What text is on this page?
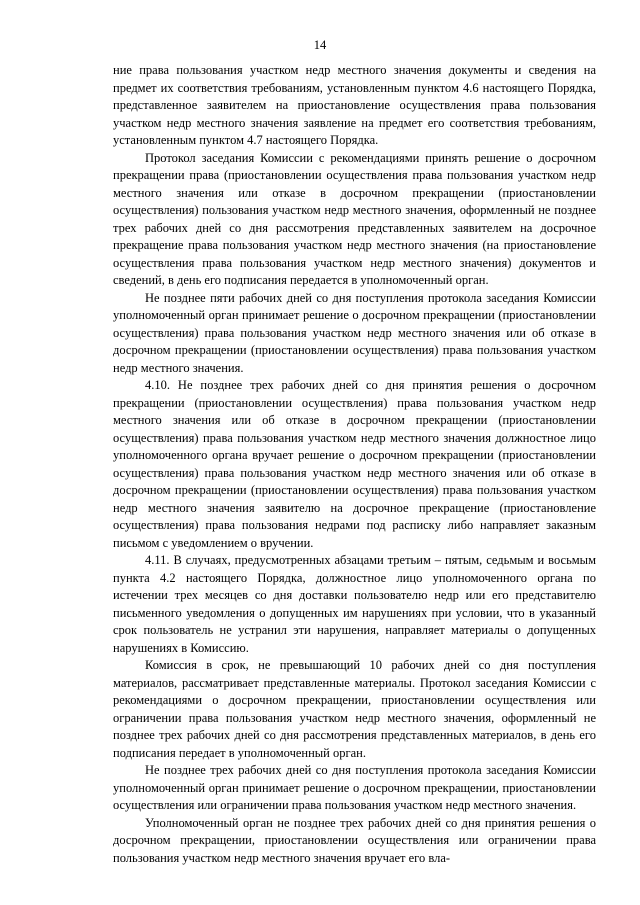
14

ние права пользования участком недр местного значения документы и сведения на предмет их соответствия требованиям, установленным пунктом 4.6 настоящего Порядка, представленное заявителем на приостановление осуществления права пользования участком недр местного значения заявление на предмет его соответствия требованиям, установленным пунктом 4.7 настоящего Порядка.

Протокол заседания Комиссии с рекомендациями принять решение о досрочном прекращении права (приостановлении осуществления права пользования участком недр местного значения или отказе в досрочном прекращении (приостановлении осуществления) пользования участком недр местного значения, оформленный не позднее трех рабочих дней со дня рассмотрения представленных заявителем на досрочное прекращение права пользования участком недр местного значения (на приостановление осуществления права пользования участком недр местного значения) документов и сведений, в день его подписания передается в уполномоченный орган.

Не позднее пяти рабочих дней со дня поступления протокола заседания Комиссии уполномоченный орган принимает решение о досрочном прекращении (приостановлении осуществления) права пользования участком недр местного значения или об отказе в досрочном прекращении (приостановлении осуществления) права пользования участком недр местного значения.

4.10. Не позднее трех рабочих дней со дня принятия решения о досрочном прекращении (приостановлении осуществления) права пользования участком недр местного значения или об отказе в досрочном прекращении (приостановлении осуществления) права пользования участком недр местного значения должностное лицо уполномоченного органа вручает решение о досрочном прекращении (приостановлении осуществления) права пользования участком недр местного значения или об отказе в досрочном прекращении (приостановлении осуществления) права пользования участком недр местного значения заявителю на досрочное прекращение (приостановление осуществления) права пользования недрами под расписку либо направляет заказным письмом с уведомлением о вручении.

4.11. В случаях, предусмотренных абзацами третьим – пятым, седьмым и восьмым пункта 4.2 настоящего Порядка, должностное лицо уполномоченного органа по истечении трех месяцев со дня доставки пользователю недр или его представителю письменного уведомления о допущенных им нарушениях при условии, что в указанный срок пользователь не устранил эти нарушения, направляет материалы о допущенных нарушениях в Комиссию.

Комиссия в срок, не превышающий 10 рабочих дней со дня поступления материалов, рассматривает представленные материалы. Протокол заседания Комиссии с рекомендациями о досрочном прекращении, приостановлении осуществления или ограничении права пользования участком недр местного значения, оформленный не позднее трех рабочих дней со дня рассмотрения представленных материалов, в день его подписания передает в уполномоченный орган.

Не позднее трех рабочих дней со дня поступления протокола заседания Комиссии уполномоченный орган принимает решение о досрочном прекращении, приостановлении осуществления или ограничении права пользования участком недр местного значения.

Уполномоченный орган не позднее трех рабочих дней со дня принятия решения о досрочном прекращении, приостановлении осуществления или ограничении права пользования участком недр местного значения вручает его вла-
